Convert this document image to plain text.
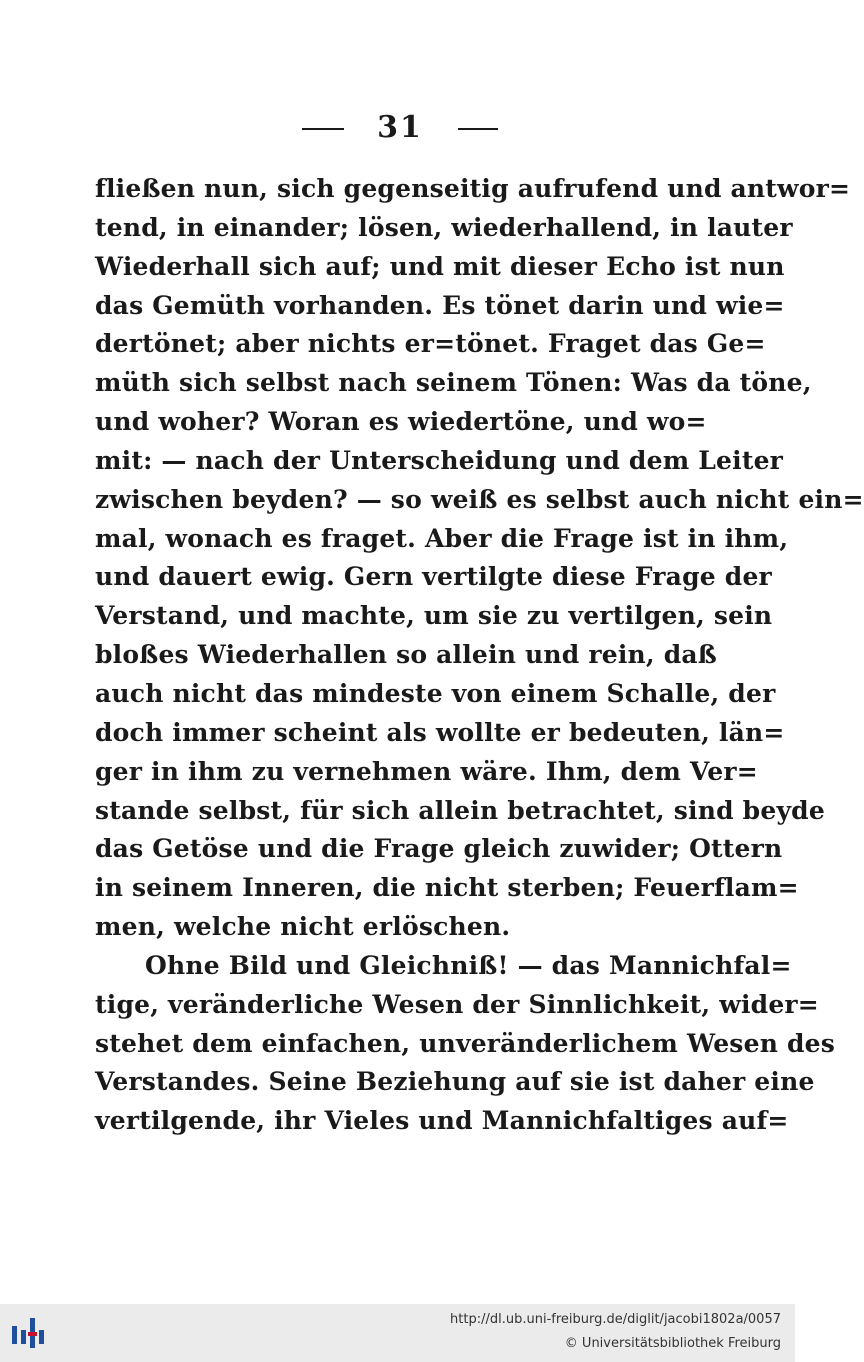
31
fließen nun, sich gegenseitig aufrufend und antwor=
tend, in einander; lösen, wiederhallend, in lauter
Wiederhall sich auf; und mit dieser Echo ist nun
das Gemüth vorhanden. Es tönet darin und wie=
dertönet; aber nichts er=tönet. Fraget das Ge=
müth sich selbst nach seinem Tönen: Was da töne,
und woher? Woran es wiedertöne, und wo=
mit: — nach der Unterscheidung und dem Leiter
zwischen beyden? — so weiß es selbst auch nicht ein=
mal, wonach es fraget. Aber die Frage ist in ihm,
und dauert ewig. Gern vertilgte diese Frage der
Verstand, und machte, um sie zu vertilgen, sein
bloßes Wiederhallen so allein und rein, daß
auch nicht das mindeste von einem Schalle, der
doch immer scheint als wollte er bedeuten, län=
ger in ihm zu vernehmen wäre. Ihm, dem Ver=
stande selbst, für sich allein betrachtet, sind beyde
das Getöse und die Frage gleich zuwider; Ottern
in seinem Inneren, die nicht sterben; Feuerflam=
men, welche nicht erlöschen.
Ohne Bild und Gleichniß! — das Mannichfal=
tige, veränderliche Wesen der Sinnlichkeit, wider=
stehet dem einfachen, unveränderlichem Wesen des
Verstandes. Seine Beziehung auf sie ist daher eine
vertilgende, ihr Vieles und Mannichfaltiges auf=
http://dl.ub.uni-freiburg.de/diglit/jacobi1802a/0057
© Universitätsbibliothek Freiburg
